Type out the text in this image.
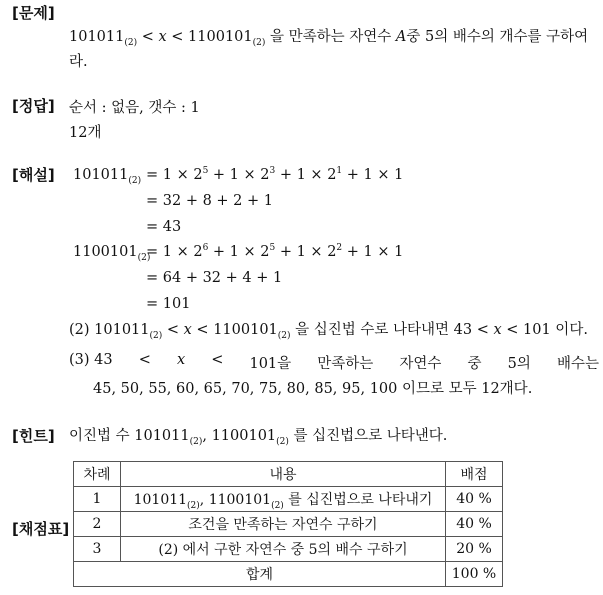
[문제]
$101011_{(2)} < x < 1100101_{(2)}$ 을 만족하는 자연수 A중 5의 배수의 개수를 구하여
라.
[정답] 순서 : 없음, 갯수 : 1
12개
[해설] $101011_{(2)} = 1 \times 2^5 + 1 \times 2^3 + 1 \times 2^1 + 1 \times 1$
= 32 + 8 + 2 + 1
= 43
$1100101_{(2)}$
= $1 \times 2^6 + 1 \times 2^5 + 1 \times 2^2 + 1 \times 1$
= 64 + 32 + 4 + 1
= 101
(2) $101011_{(2)} < x < 1100101_{(2)}$ 을 십진법 수로 나타내면 43 < x < 101 이다.
(3) 43 < x < 101을 만족하는 자연수 중 5의 배수는
45, 50, 55, 60, 65, 70, 75, 80, 85, 95, 100 이므로 모두 12개다.
[힌트] 이진법 수 $101011_{(2)}$, $1100101_{(2)}$ 를 십진법으로 나타낸다.
[채점표]
차례	내용	배점
1	$101011_{(2)}$, $1100101_{(2)}$ 를 십진법으로 나타내기	40 %
2	조건을 만족하는 자연수 구하기	40 %
3	(2) 에서 구한 자연수 중 5의 배수 구하기	20 %
합계		100 %
